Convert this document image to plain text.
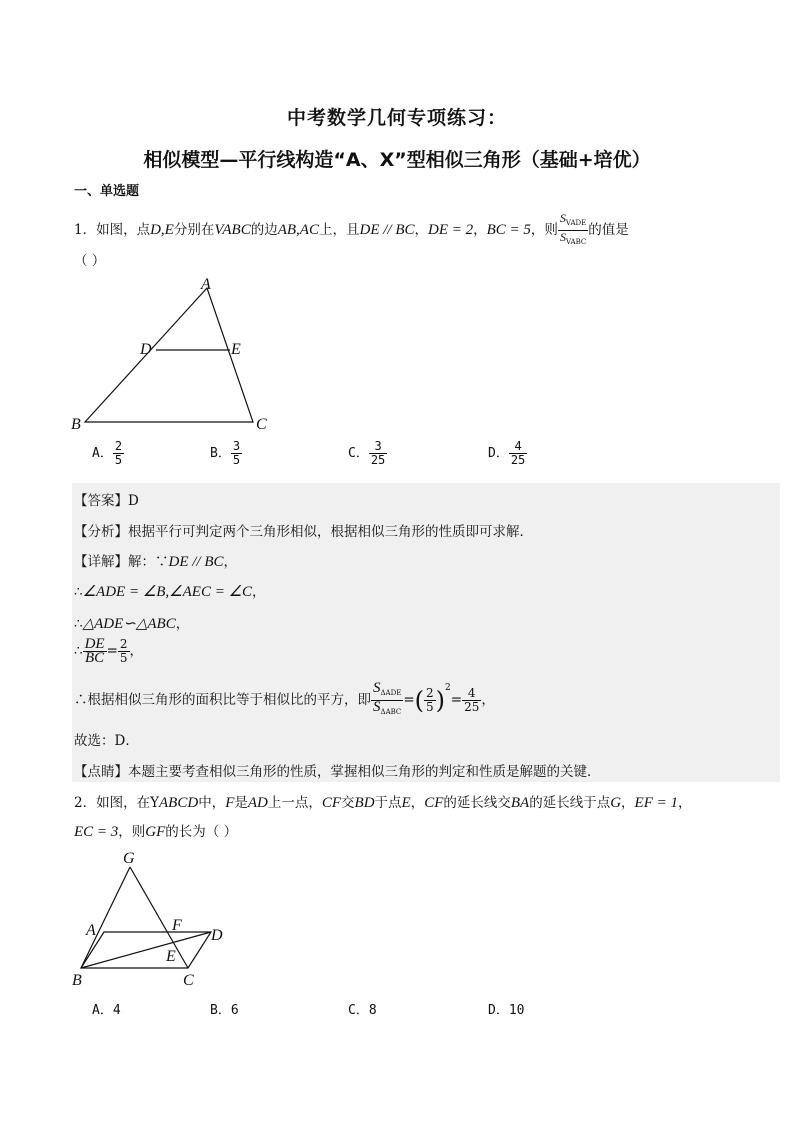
中考数学几何专项练习：
相似模型—平行线构造“A、X”型相似三角形（基础+培优）
一、单选题
1．如图，点D,E分别在VABC的边AB,AC上，且DE // BC，DE = 2，BC = 5，则 $\frac{S_{VADE}}{S_{VABC}}$ 的值是
（ ）
A
D	E
B	C
A． $\frac{2}{5}$	B． $\frac{3}{5}$	C． $\frac{3}{25}$	D． $\frac{4}{25}$
【答案】D
【分析】根据平行可判定两个三角形相似，根据相似三角形的性质即可求解．
【详解】解：∵DE // BC，
∴∠ADE = ∠B,∠AEC = ∠C，
∴△ADE∽△ABC，
∴ $\frac{DE}{BC} = \frac{2}{5}$ ，
∴根据相似三角形的面积比等于相似比的平方，即 $\frac{S_{\Delta ADE}}{S_{\Delta ABC}}$ =( $\frac{2}{5} )^2= \frac{4}{25}$ ，
故选：D．
【点睛】本题主要考查相似三角形的性质，掌握相似三角形的判定和性质是解题的关键．
2．如图，在YABCD中，F是AD上一点，CF交BD于点E，CF的延长线交BA的延长线于点G，EF = 1，
EC = 3，则GF的长为（ ）
G
A	F
D
E
B	C
A．4	B．6	C．8	D．10
